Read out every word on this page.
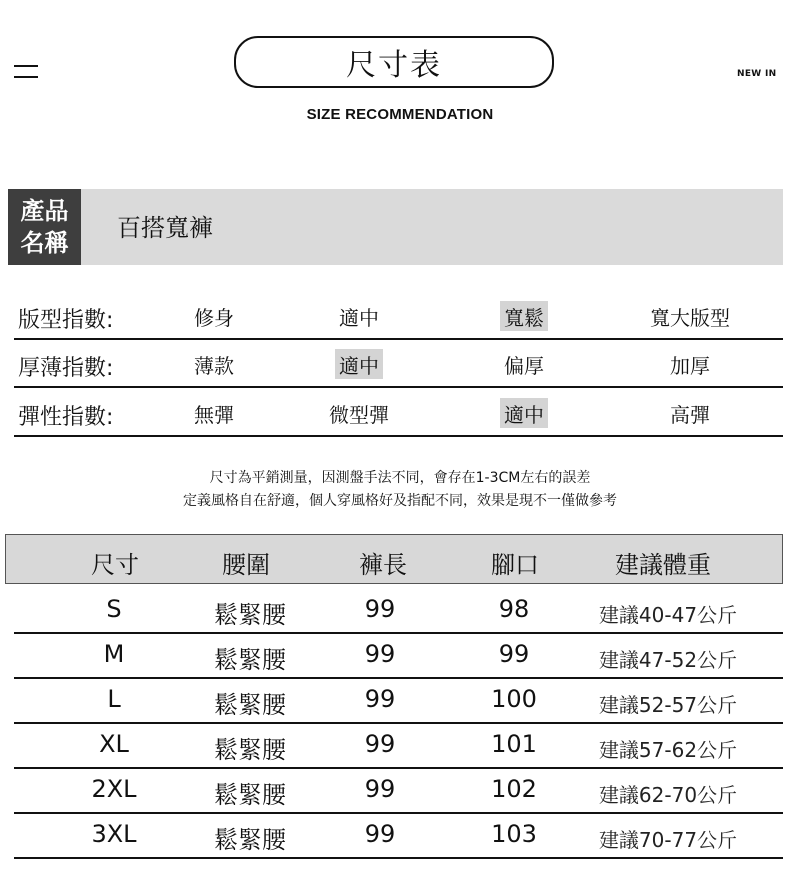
尺寸表	NEW IN
SIZE RECOMMENDATION
產品
名稱
百搭寬褲
版型指數:	修身	適中	寬鬆	寬大版型
厚薄指數:	薄款	適中	偏厚	加厚
彈性指數:	無彈	微型彈	適中	高彈
尺寸為平銷測量，因測盤手法不同，會存在1-3CM左右的誤差
定義風格自在舒適，個人穿風格好及指配不同，效果是現不一僅做參考
尺寸	腰圍	褲長	腳口	建議體重
S	鬆緊腰	99	98	建議40-47公斤
M	鬆緊腰	99	99	建議47-52公斤
L	鬆緊腰	99	100	建議52-57公斤
XL	鬆緊腰	99	101	建議57-62公斤
2XL	鬆緊腰	99	102	建議62-70公斤
3XL	鬆緊腰	99	103	建議70-77公斤
